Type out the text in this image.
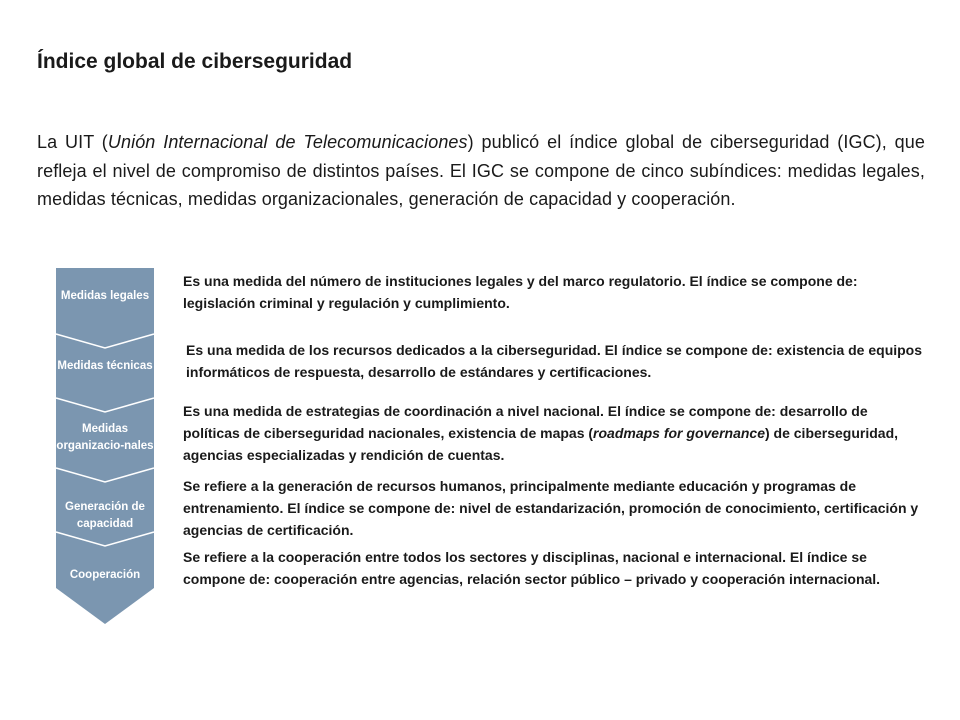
Índice global de ciberseguridad

La UIT (Unión Internacional de Telecomunicaciones) publicó el índice global de ciberseguridad (IGC), que refleja el nivel de compromiso de distintos países. El IGC se compone de cinco subíndices: medidas legales, medidas técnicas, medidas organizacionales, generación de capacidad y cooperación.

Medidas legales
Medidas técnicas
Medidas organizacio-nales
Generación de capacidad
Cooperación

Es una medida del número de instituciones legales y del marco regulatorio. El índice se compone de: legislación criminal y regulación y cumplimiento.

Es una medida de los recursos dedicados a la ciberseguridad. El índice se compone de: existencia de equipos informáticos de respuesta, desarrollo de estándares y certificaciones.

Es una medida de estrategias de coordinación a nivel nacional. El índice se compone de: desarrollo de políticas de ciberseguridad nacionales, existencia de mapas (roadmaps for governance) de ciberseguridad, agencias especializadas y rendición de cuentas.

Se refiere a la generación de recursos humanos, principalmente mediante educación y programas de entrenamiento. El índice se compone de: nivel de estandarización, promoción de conocimiento, certificación y agencias de certificación.

Se refiere a la cooperación entre todos los sectores y disciplinas, nacional e internacional. El índice se compone de: cooperación entre agencias, relación sector público – privado y cooperación internacional.
